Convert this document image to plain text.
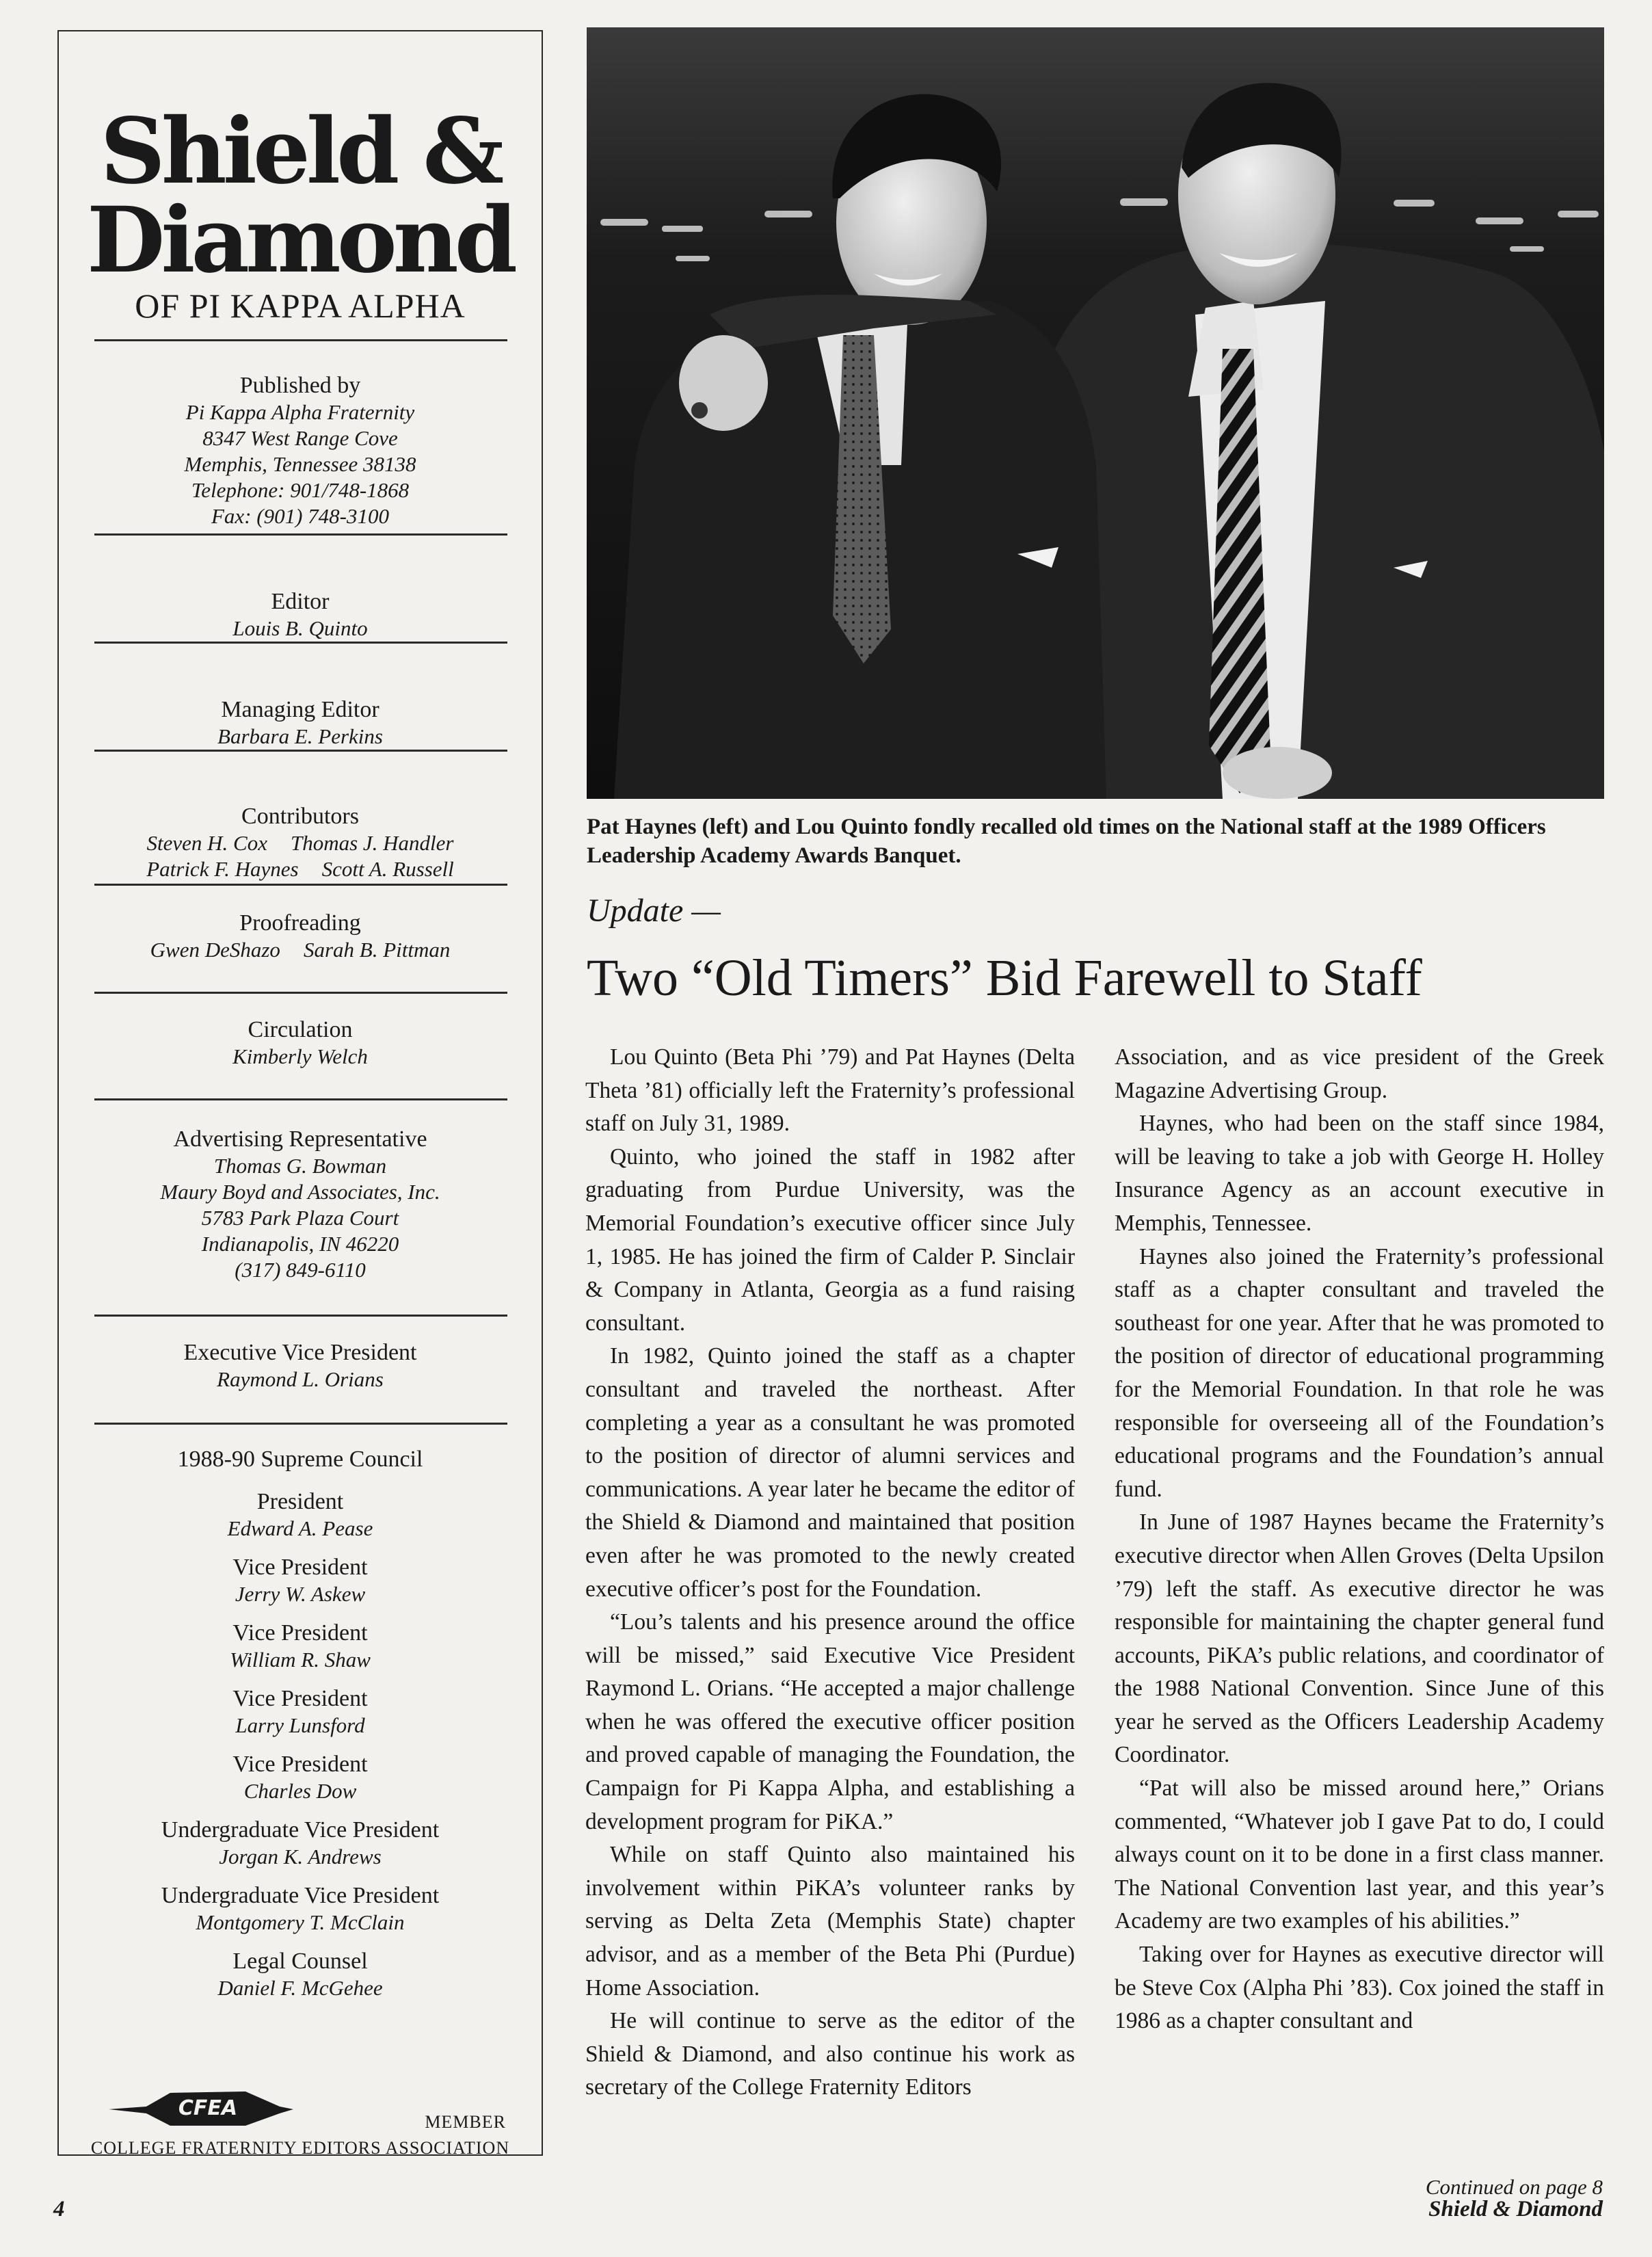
Shield &
Diamond
OF PI KAPPA ALPHA
Published by
Pi Kappa Alpha Fraternity
8347 West Range Cove
Memphis, Tennessee 38138
Telephone: 901/748-1868
Fax: (901) 748-3100
Editor
Louis B. Quinto
Managing Editor
Barbara E. Perkins
Contributors
Steven H. Cox Thomas J. Handler
Patrick F. Haynes Scott A. Russell
Proofreading
Gwen DeShazo Sarah B. Pittman
Circulation
Kimberly Welch
Advertising Representative
Thomas G. Bowman
Maury Boyd and Associates, Inc.
5783 Park Plaza Court
Indianapolis, IN 46220
(317) 849-6110
Executive Vice President
Raymond L. Orians
1988-90 Supreme Council
President
Edward A. Pease
Vice President
Jerry W. Askew
Vice President
William R. Shaw
Vice President
Larry Lunsford
Vice President
Charles Dow
Undergraduate Vice President
Jorgan K. Andrews
Undergraduate Vice President
Montgomery T. McClain
Legal Counsel
Daniel F. McGehee
CFEA
MEMBER
COLLEGE FRATERNITY EDITORS ASSOCIATION
Pat Haynes (left) and Lou Quinto fondly recalled old times on the National staff at the 1989 Officers Leadership Academy Awards Banquet.
Update —
Two “Old Timers” Bid Farewell to Staff

Lou Quinto (Beta Phi ’79) and Pat Haynes (Delta Theta ’81) officially left the Fraternity’s professional staff on July 31, 1989.

Quinto, who joined the staff in 1982 after graduating from Purdue University, was the Memorial Foundation’s executive officer since July 1, 1985. He has joined the firm of Calder P. Sinclair & Company in Atlanta, Georgia as a fund raising consultant.

In 1982, Quinto joined the staff as a chapter consultant and traveled the northeast. After completing a year as a consultant he was promoted to the position of director of alumni services and communications. A year later he became the editor of the Shield & Diamond and maintained that position even after he was promoted to the newly created executive officer’s post for the Foundation.

“Lou’s talents and his presence around the office will be missed,” said Executive Vice President Raymond L. Orians. “He accepted a major challenge when he was offered the executive officer position and proved capable of managing the Foundation, the Campaign for Pi Kappa Alpha, and establishing a development program for PiKA.”

While on staff Quinto also maintained his involvement within PiKA’s volunteer ranks by serving as Delta Zeta (Memphis State) chapter advisor, and as a member of the Beta Phi (Purdue) Home Association.

He will continue to serve as the editor of the Shield & Diamond, and also continue his work as secretary of the College Fraternity Editors

Association, and as vice president of the Greek Magazine Advertising Group.

Haynes, who had been on the staff since 1984, will be leaving to take a job with George H. Holley Insurance Agency as an account executive in Memphis, Tennessee.

Haynes also joined the Fraternity’s professional staff as a chapter consultant and traveled the southeast for one year. After that he was promoted to the position of director of educational programming for the Memorial Foundation. In that role he was responsible for overseeing all of the Foundation’s educational programs and the Foundation’s annual fund.

In June of 1987 Haynes became the Fraternity’s executive director when Allen Groves (Delta Upsilon ’79) left the staff. As executive director he was responsible for maintaining the chapter general fund accounts, PiKA’s public relations, and coordinator of the 1988 National Convention. Since June of this year he served as the Officers Leadership Academy Coordinator.

“Pat will also be missed around here,” Orians commented, “Whatever job I gave Pat to do, I could always count on it to be done in a first class manner. The National Convention last year, and this year’s Academy are two examples of his abilities.”

Taking over for Haynes as executive director will be Steve Cox (Alpha Phi ’83). Cox joined the staff in 1986 as a chapter consultant and

Continued on page 8
4	Shield & Diamond
